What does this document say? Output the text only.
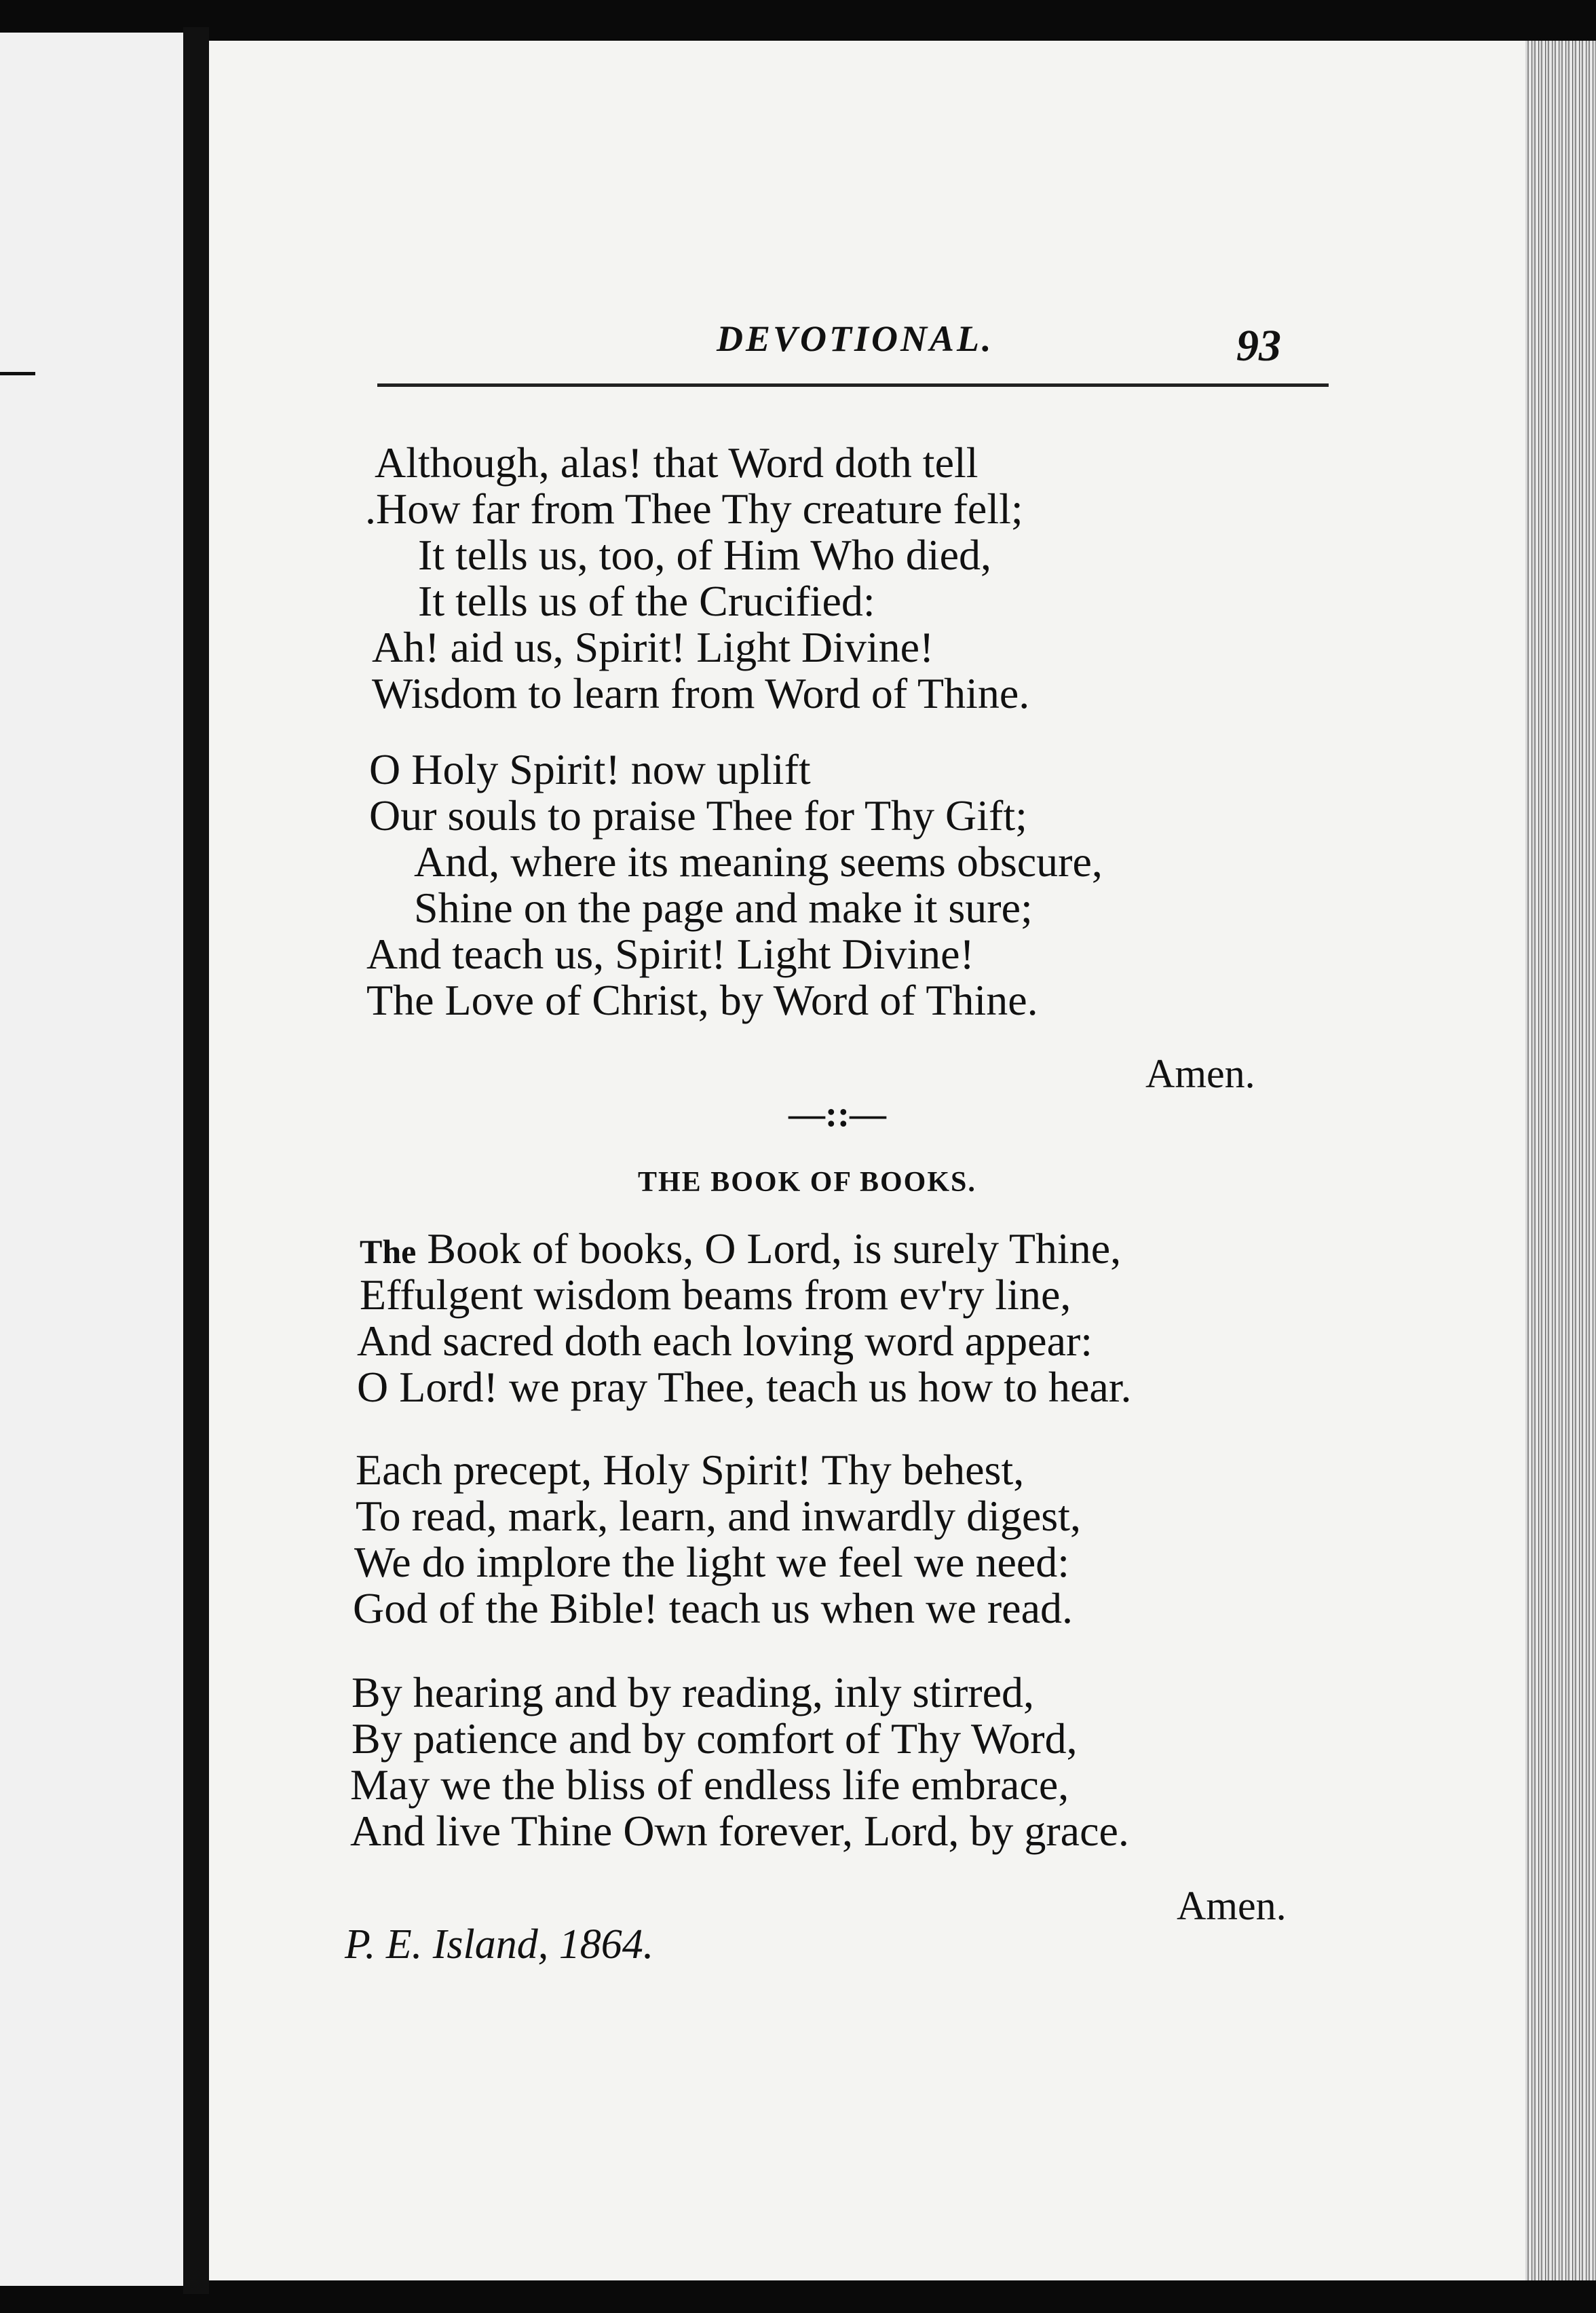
DEVOTIONAL.	93
Although, alas! that Word doth tell
.How far from Thee Thy creature fell;
It tells us, too, of Him Who died,
It tells us of the Crucified:
Ah! aid us, Spirit! Light Divine!
Wisdom to learn from Word of Thine.
O Holy Spirit! now uplift
Our souls to praise Thee for Thy Gift;
And, where its meaning seems obscure,
Shine on the page and make it sure;
And teach us, Spirit! Light Divine!
The Love of Christ, by Word of Thine.
Amen.
—::—
THE BOOK OF BOOKS.
The Book of books, O Lord, is surely Thine,
Effulgent wisdom beams from ev'ry line,
And sacred doth each loving word appear:
O Lord! we pray Thee, teach us how to hear.
Each precept, Holy Spirit! Thy behest,
To read, mark, learn, and inwardly digest,
We do implore the light we feel we need:
God of the Bible! teach us when we read.
By hearing and by reading, inly stirred,
By patience and by comfort of Thy Word,
May we the bliss of endless life embrace,
And live Thine Own forever, Lord, by grace.
Amen.
P. E. Island, 1864.
